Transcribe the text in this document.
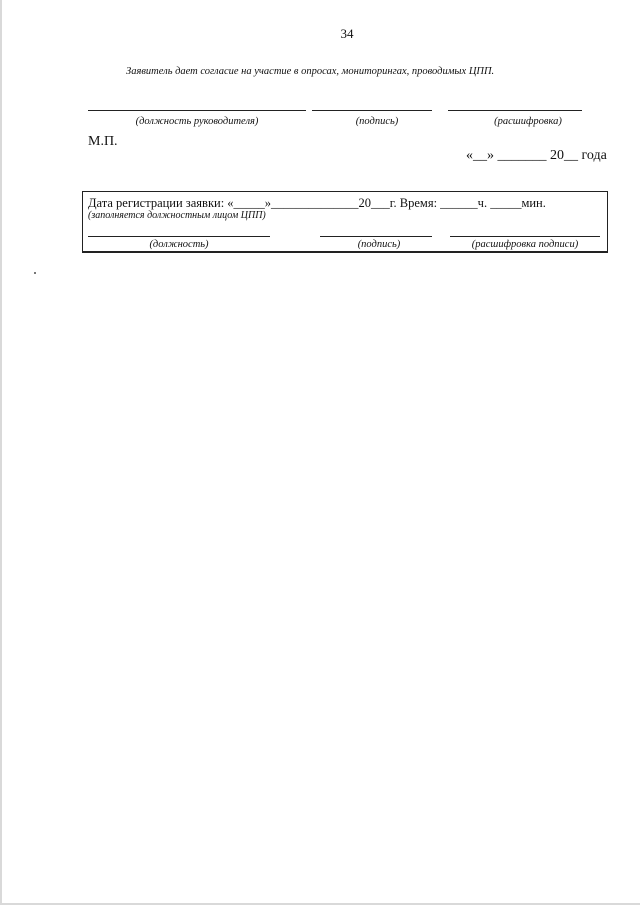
34
Заявитель дает согласие на участие в опросах, мониторингах, проводимых ЦПП.
(должность руководителя)	(подпись)	(расшифровка)
М.П.
«__» _______ 20__ года
Дата регистрации заявки: «_____»______________20___г. Время: ______ч. _____мин.
(заполняется должностным лицом ЦПП)
(должность)	(подпись)	(расшифровка подписи)
